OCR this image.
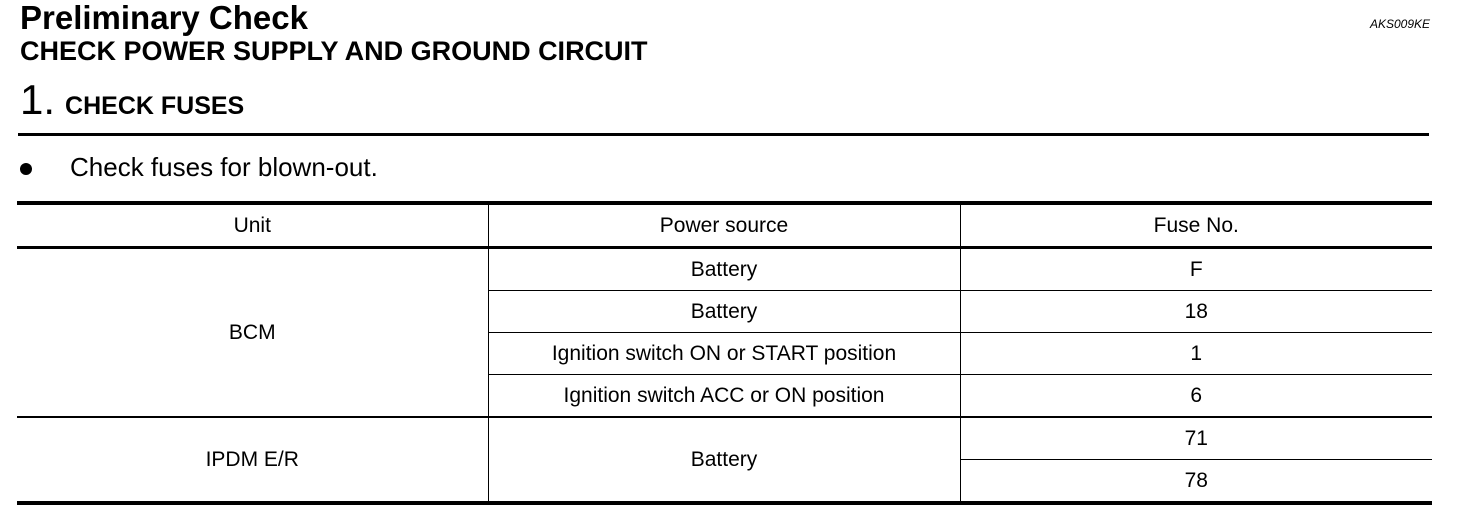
Preliminary Check
CHECK POWER SUPPLY AND GROUND CIRCUIT
AKS009KE
1. CHECK FUSES
Check fuses for blown-out.
Unit	Power source	Fuse No.
BCM	Battery	F
	Battery	18
	Ignition switch ON or START position	1
	Ignition switch ACC or ON position	6
IPDM E/R	Battery	71
		78
